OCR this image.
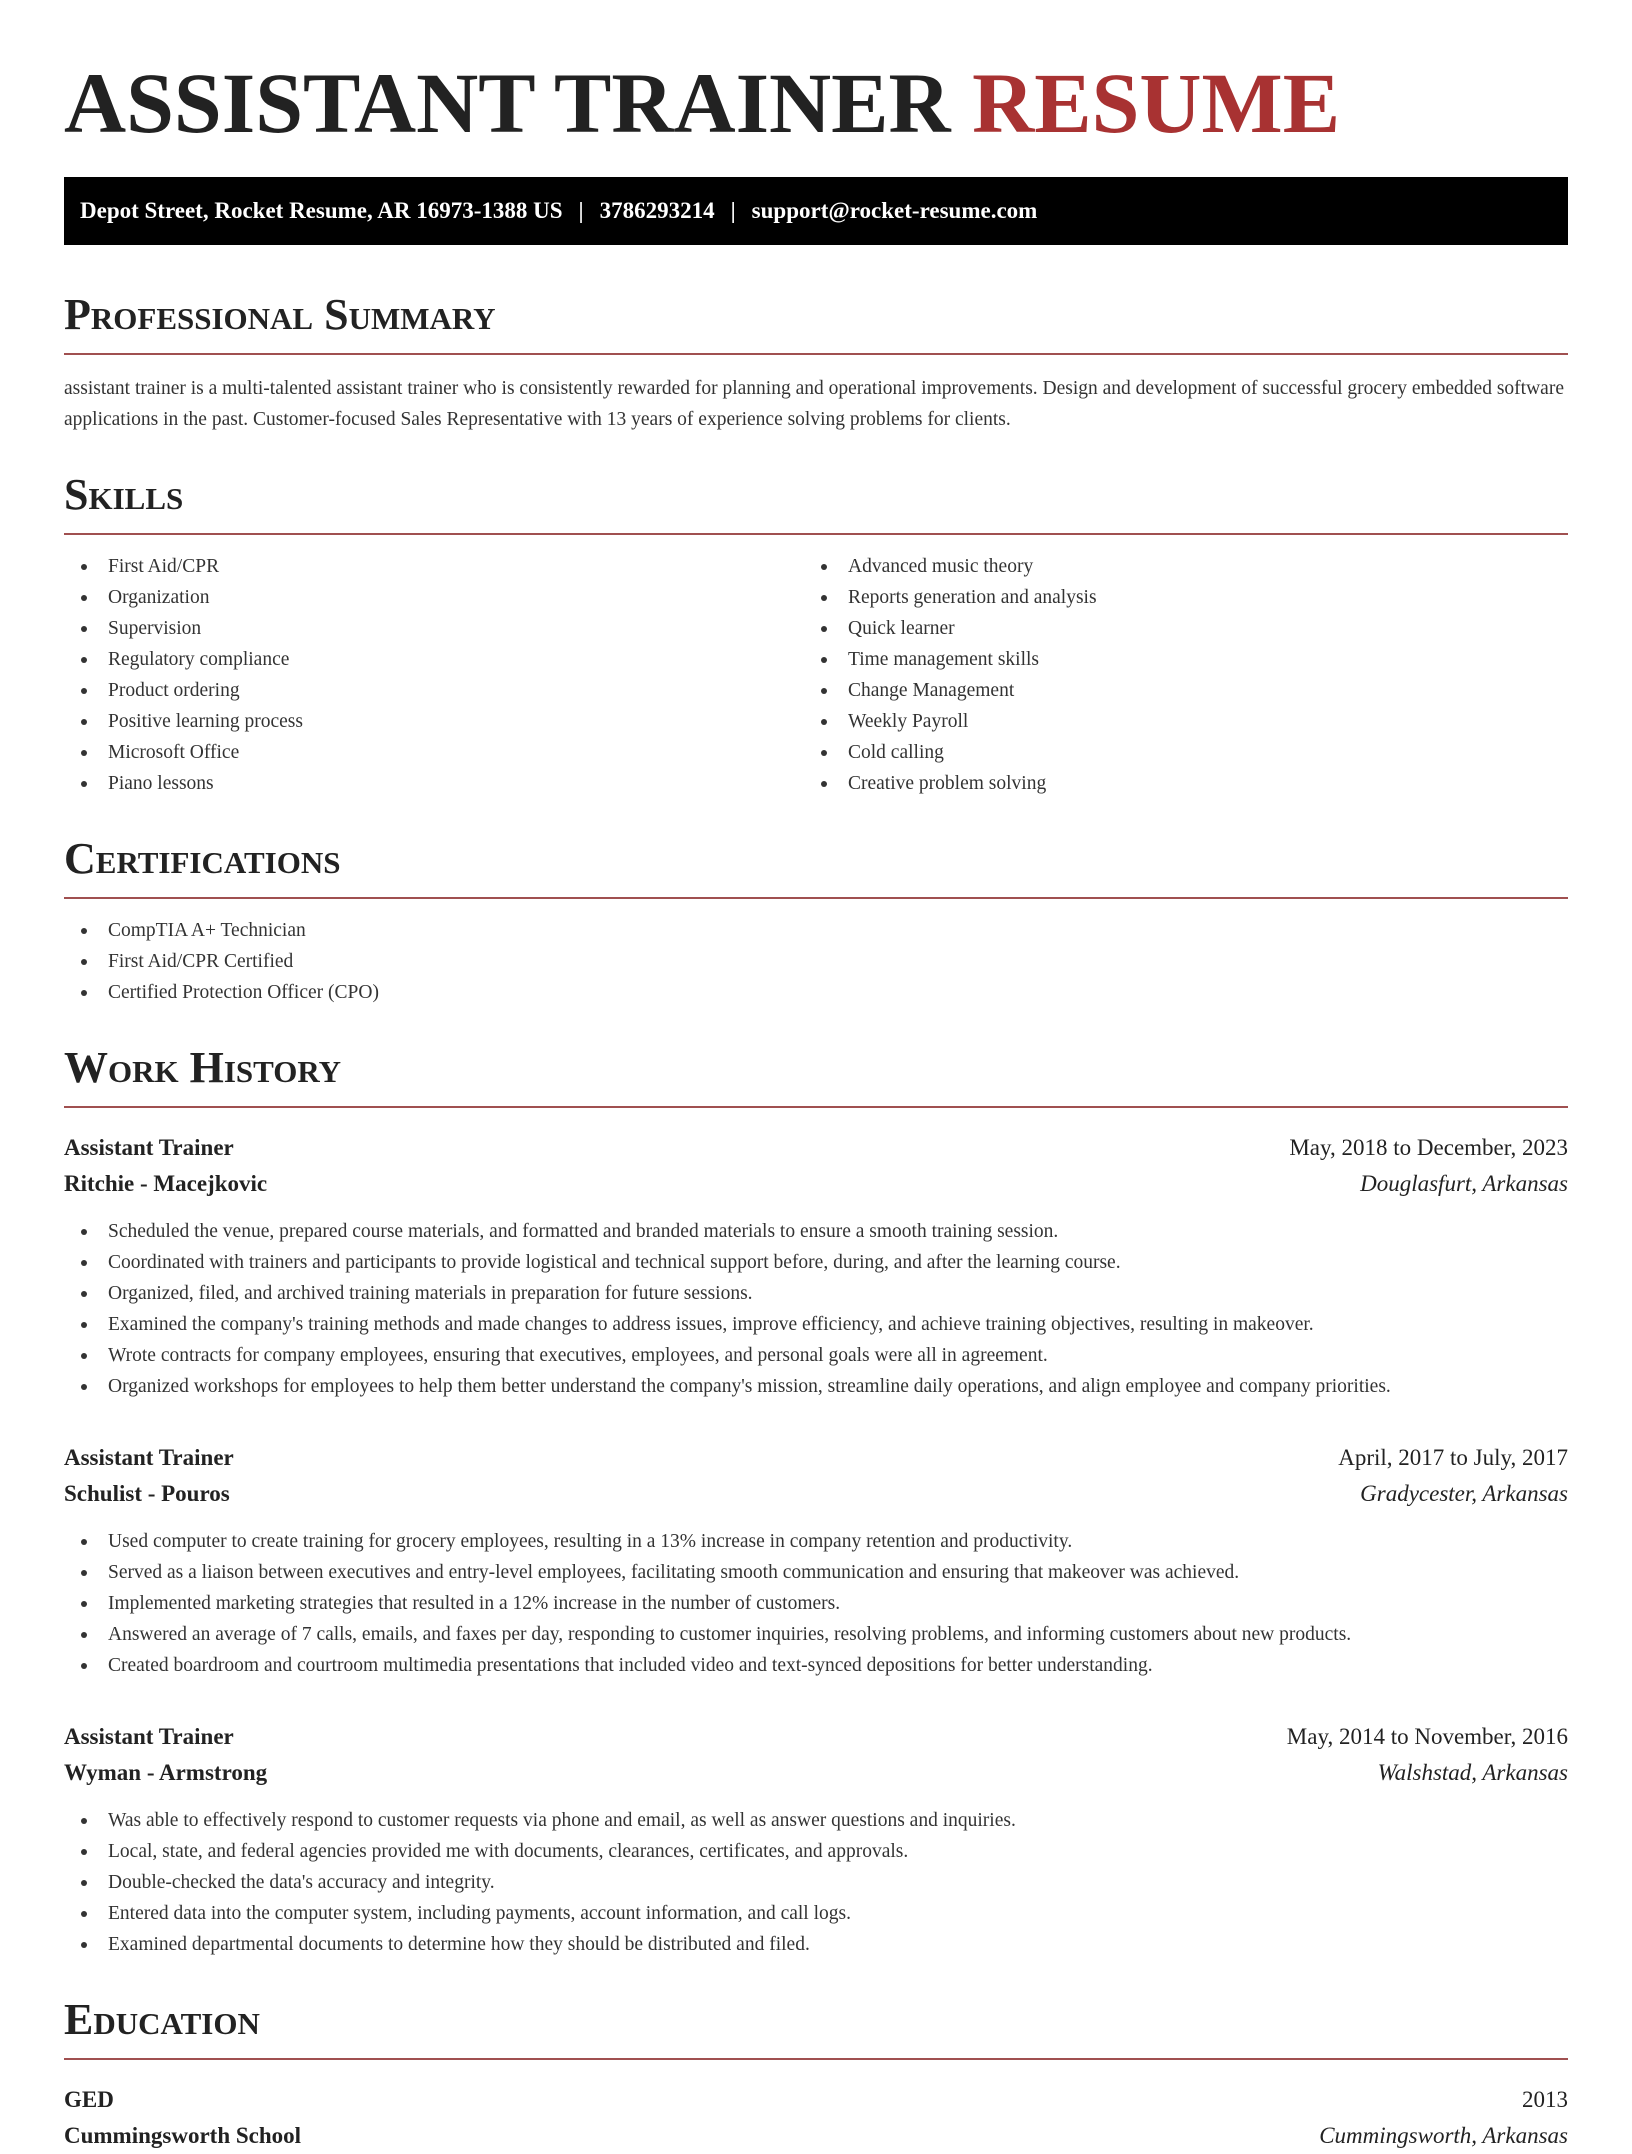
ASSISTANT TRAINER RESUME
Depot Street, Rocket Resume, AR 16973-1388 US | 3786293214 | support@rocket-resume.com
Professional Summary

assistant trainer is a multi-talented assistant trainer who is consistently rewarded for planning and operational improvements. Design and development of successful grocery embedded software applications in the past. Customer-focused Sales Representative with 13 years of experience solving problems for clients.

Skills
First Aid/CPR
Organization
Supervision
Regulatory compliance
Product ordering
Positive learning process
Microsoft Office
Piano lessons
Advanced music theory
Reports generation and analysis
Quick learner
Time management skills
Change Management
Weekly Payroll
Cold calling
Creative problem solving
Certifications
CompTIA A+ Technician
First Aid/CPR Certified
Certified Protection Officer (CPO)
Work History
Assistant Trainer	May, 2018 to December, 2023
Ritchie - Macejkovic	Douglasfurt, Arkansas
Scheduled the venue, prepared course materials, and formatted and branded materials to ensure a smooth training session.
Coordinated with trainers and participants to provide logistical and technical support before, during, and after the learning course.
Organized, filed, and archived training materials in preparation for future sessions.
Examined the company's training methods and made changes to address issues, improve efficiency, and achieve training objectives, resulting in makeover.
Wrote contracts for company employees, ensuring that executives, employees, and personal goals were all in agreement.
Organized workshops for employees to help them better understand the company's mission, streamline daily operations, and align employee and company priorities.
Assistant Trainer	April, 2017 to July, 2017
Schulist - Pouros	Gradycester, Arkansas
Used computer to create training for grocery employees, resulting in a 13% increase in company retention and productivity.
Served as a liaison between executives and entry-level employees, facilitating smooth communication and ensuring that makeover was achieved.
Implemented marketing strategies that resulted in a 12% increase in the number of customers.
Answered an average of 7 calls, emails, and faxes per day, responding to customer inquiries, resolving problems, and informing customers about new products.
Created boardroom and courtroom multimedia presentations that included video and text-synced depositions for better understanding.
Assistant Trainer	May, 2014 to November, 2016
Wyman - Armstrong	Walshstad, Arkansas
Was able to effectively respond to customer requests via phone and email, as well as answer questions and inquiries.
Local, state, and federal agencies provided me with documents, clearances, certificates, and approvals.
Double-checked the data's accuracy and integrity.
Entered data into the computer system, including payments, account information, and call logs.
Examined departmental documents to determine how they should be distributed and filed.
Education
GED	2013
Cummingsworth School	Cummingsworth, Arkansas
